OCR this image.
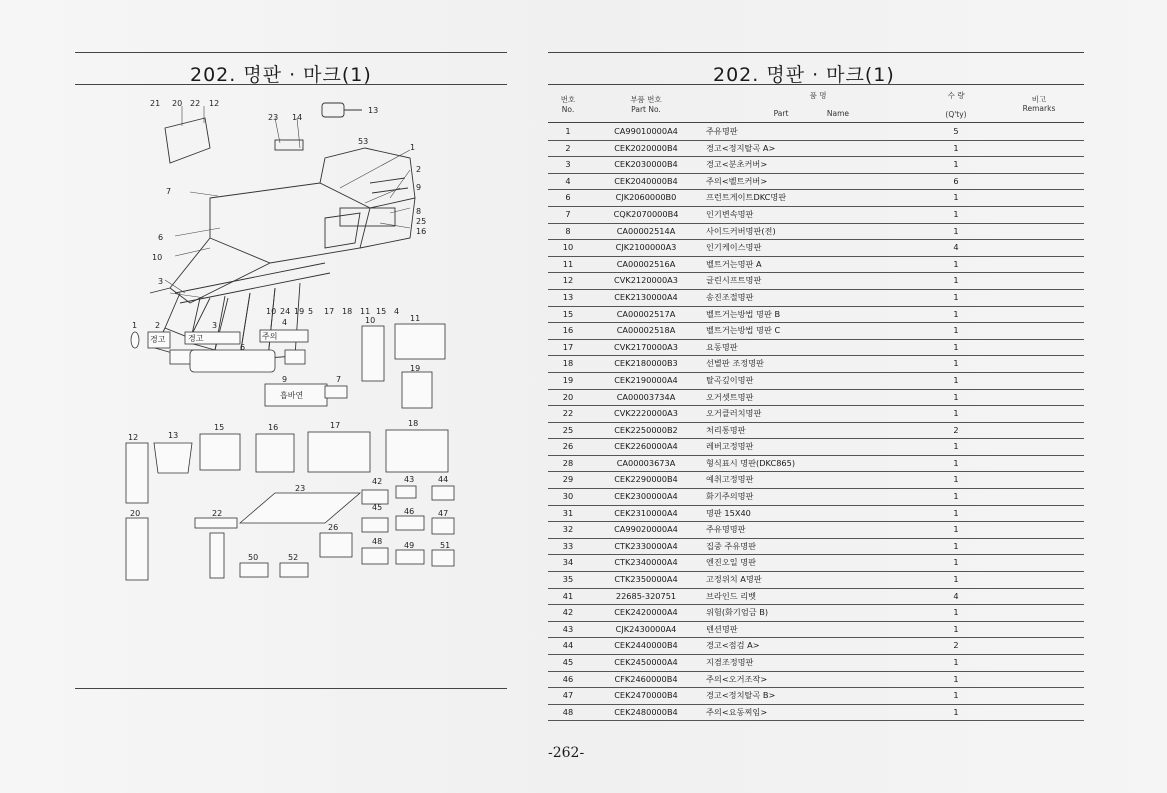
202. 명판 · 마크(1)
21 20 22 12
23 14
13
53
1
2
9
8
25
16
7
6
10
3
10 24 19 5 17 18 11 15 4
1 2	3	4
6
9	7
10	11
19
12	13
15	16	17	18
20	22
23
26
42	43	44
45	46	47
48	49	51
50	52
흡바연
경고	경고	주의
202. 명판 · 마크(1)
번호
No.
부품 번호
Part No.
품 명
Part	Name
수 량
(Q'ty)
비고
Remarks
1	CA99010000A4	주유명판	5
2	CEK2020000B4	경고<정지탈곡 A>	1
3	CEK2030000B4	경고<분초커버>	1
4	CEK2040000B4	주의<벨트커버>	6
6	CJK2060000B0	프런트게이트DKC명판	1
7	CQK2070000B4	인기변속명판	1
8	CA00002514A	사이드커버명판(전)	1
10	CJK2100000A3	인기케이스명판	4
11	CA00002516A	벨트거는명판 A	1
12	CVK2120000A3	글린시프트명판	1
13	CEK2130000A4	송진조절명판	1
15	CA00002517A	벨트거는방법 명판 B	1
16	CA00002518A	벨트거는방법 명판 C	1
17	CVK2170000A3	요동명판	1
18	CEK2180000B3	선별판 조정명판	1
19	CEK2190000A4	탈곡깊이명판	1
20	CA00003734A	오거셋트명판	1
22	CVK2220000A3	오거클러치명판	1
25	CEK2250000B2	처리통명판	2
26	CEK2260000A4	레버고정명판	1
28	CA00003673A	형식표시 명판(DKC865)	1
29	CEK2290000B4	예취고정명판	1
30	CEK2300000A4	화기주의명판	1
31	CEK2310000A4	명판 15X40	1
32	CA99020000A4	주유명명판	1
33	CTK2330000A4	집중 주유명판	1
34	CTK2340000A4	엔진오일 명판	1
35	CTK2350000A4	고정위치 A명판	1
41	22685-320751	브라인드 리벳	4
42	CEK2420000A4	위험(화기엄금 B)	1
43	CJK2430000A4	텐션명판	1
44	CEK2440000B4	경고<점검 A>	2
45	CEK2450000A4	지겸조정명판	1
46	CFK2460000B4	주의<오거조작>	1
47	CEK2470000B4	경고<정치탈곡 B>	1
48	CEK2480000B4	주의<요동찌임>	1
-262-
